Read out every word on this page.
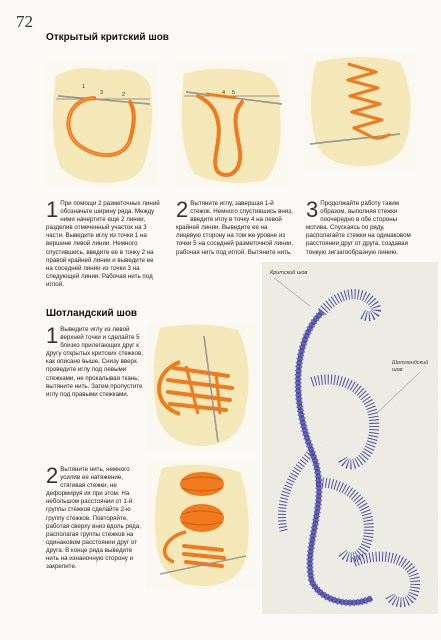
72
Открытый критский шов
1
3	2	4 5
1 При помощи 2 разметочных линий обозначьте ширину ряда. Между ними начертите еще 2 линии, разделив отмеченный участок на 3 части. Выведите иглу из точки 1 на вершине левой линии. Немного спустившись, введите ее в точку 2 на правой крайней линии и выведите ее на соседней линии из точки 3 на следующей линии. Рабочая нить под иглой.
2 Вытяните иглу, завершая 1-й стежок. Немного спустившись вниз, введите иглу в точку 4 на левой крайней линии. Выведите ее на лицевую сторону на том же уровне из точки 5 на соседней разметочной линии, рабочая нить под иглой. Вытяните нить.
3 Продолжайте работу таким образом, выполняя стежки поочередно в обе стороны мотива. Спускаясь по ряду, располагайте стежки на одинаковом расстоянии друг от друга, создавая тонкую зигзагообразную линию.
Шотландский шов
1 Выведите иглу из левой верхней точки и сделайте 5 близко прилегающих друг к другу открытых критских стежков, как описано выше. Снизу вверх проведите иглу под левыми стежками, не прокалывая ткань; вытяните нить. Затем пропустите иглу под правыми стежками.
2 Вытяните нить, немного усилив ее натяжение, стягивая стежки, не деформируя их при этом. На небольшом расстоянии от 1-й группы стежков сделайте 2-ю группу стежков. Повторяйте, работая сверху вниз вдоль ряда, располагая группы стежков на одинаковом расстоянии друг от друга. В конце ряда выведите нить на изнаночную сторону и закрепите.
Критский шов
Шотландский шов
